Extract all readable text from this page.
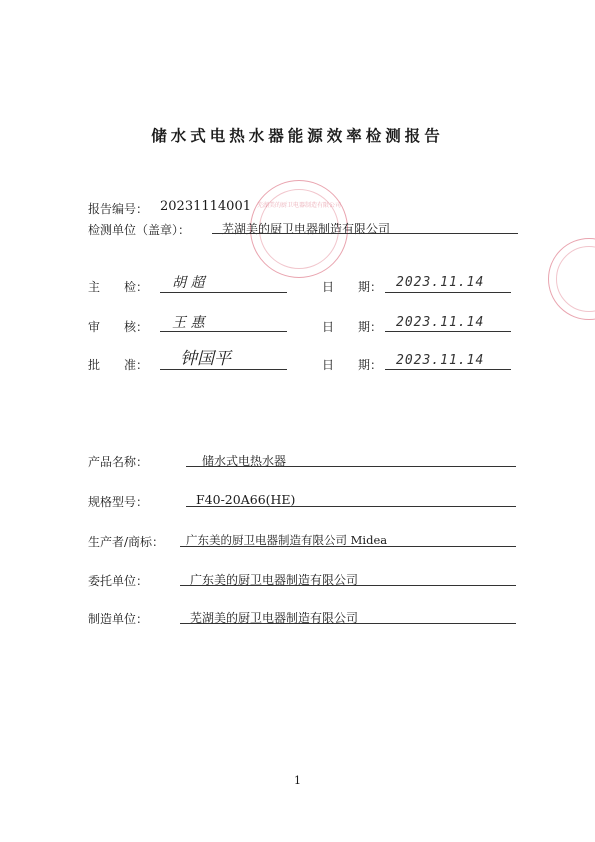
储水式电热水器能源效率检测报告
芜湖美的厨卫电器制造有限公司
报告编号： 20231114001
检测单位（盖章）：	芜湖美的厨卫电器制造有限公司
主　　检： 胡 超	日　　期： 2023.11.14
审　　核： 王 惠	日　　期： 2023.11.14
批　　准： 钟国平	日　　期： 2023.11.14
产品名称：	储水式电热水器
规格型号：	F40-20A66(HE)
生产者/商标： 广东美的厨卫电器制造有限公司 Midea
委托单位：	广东美的厨卫电器制造有限公司
制造单位：	芜湖美的厨卫电器制造有限公司
1
